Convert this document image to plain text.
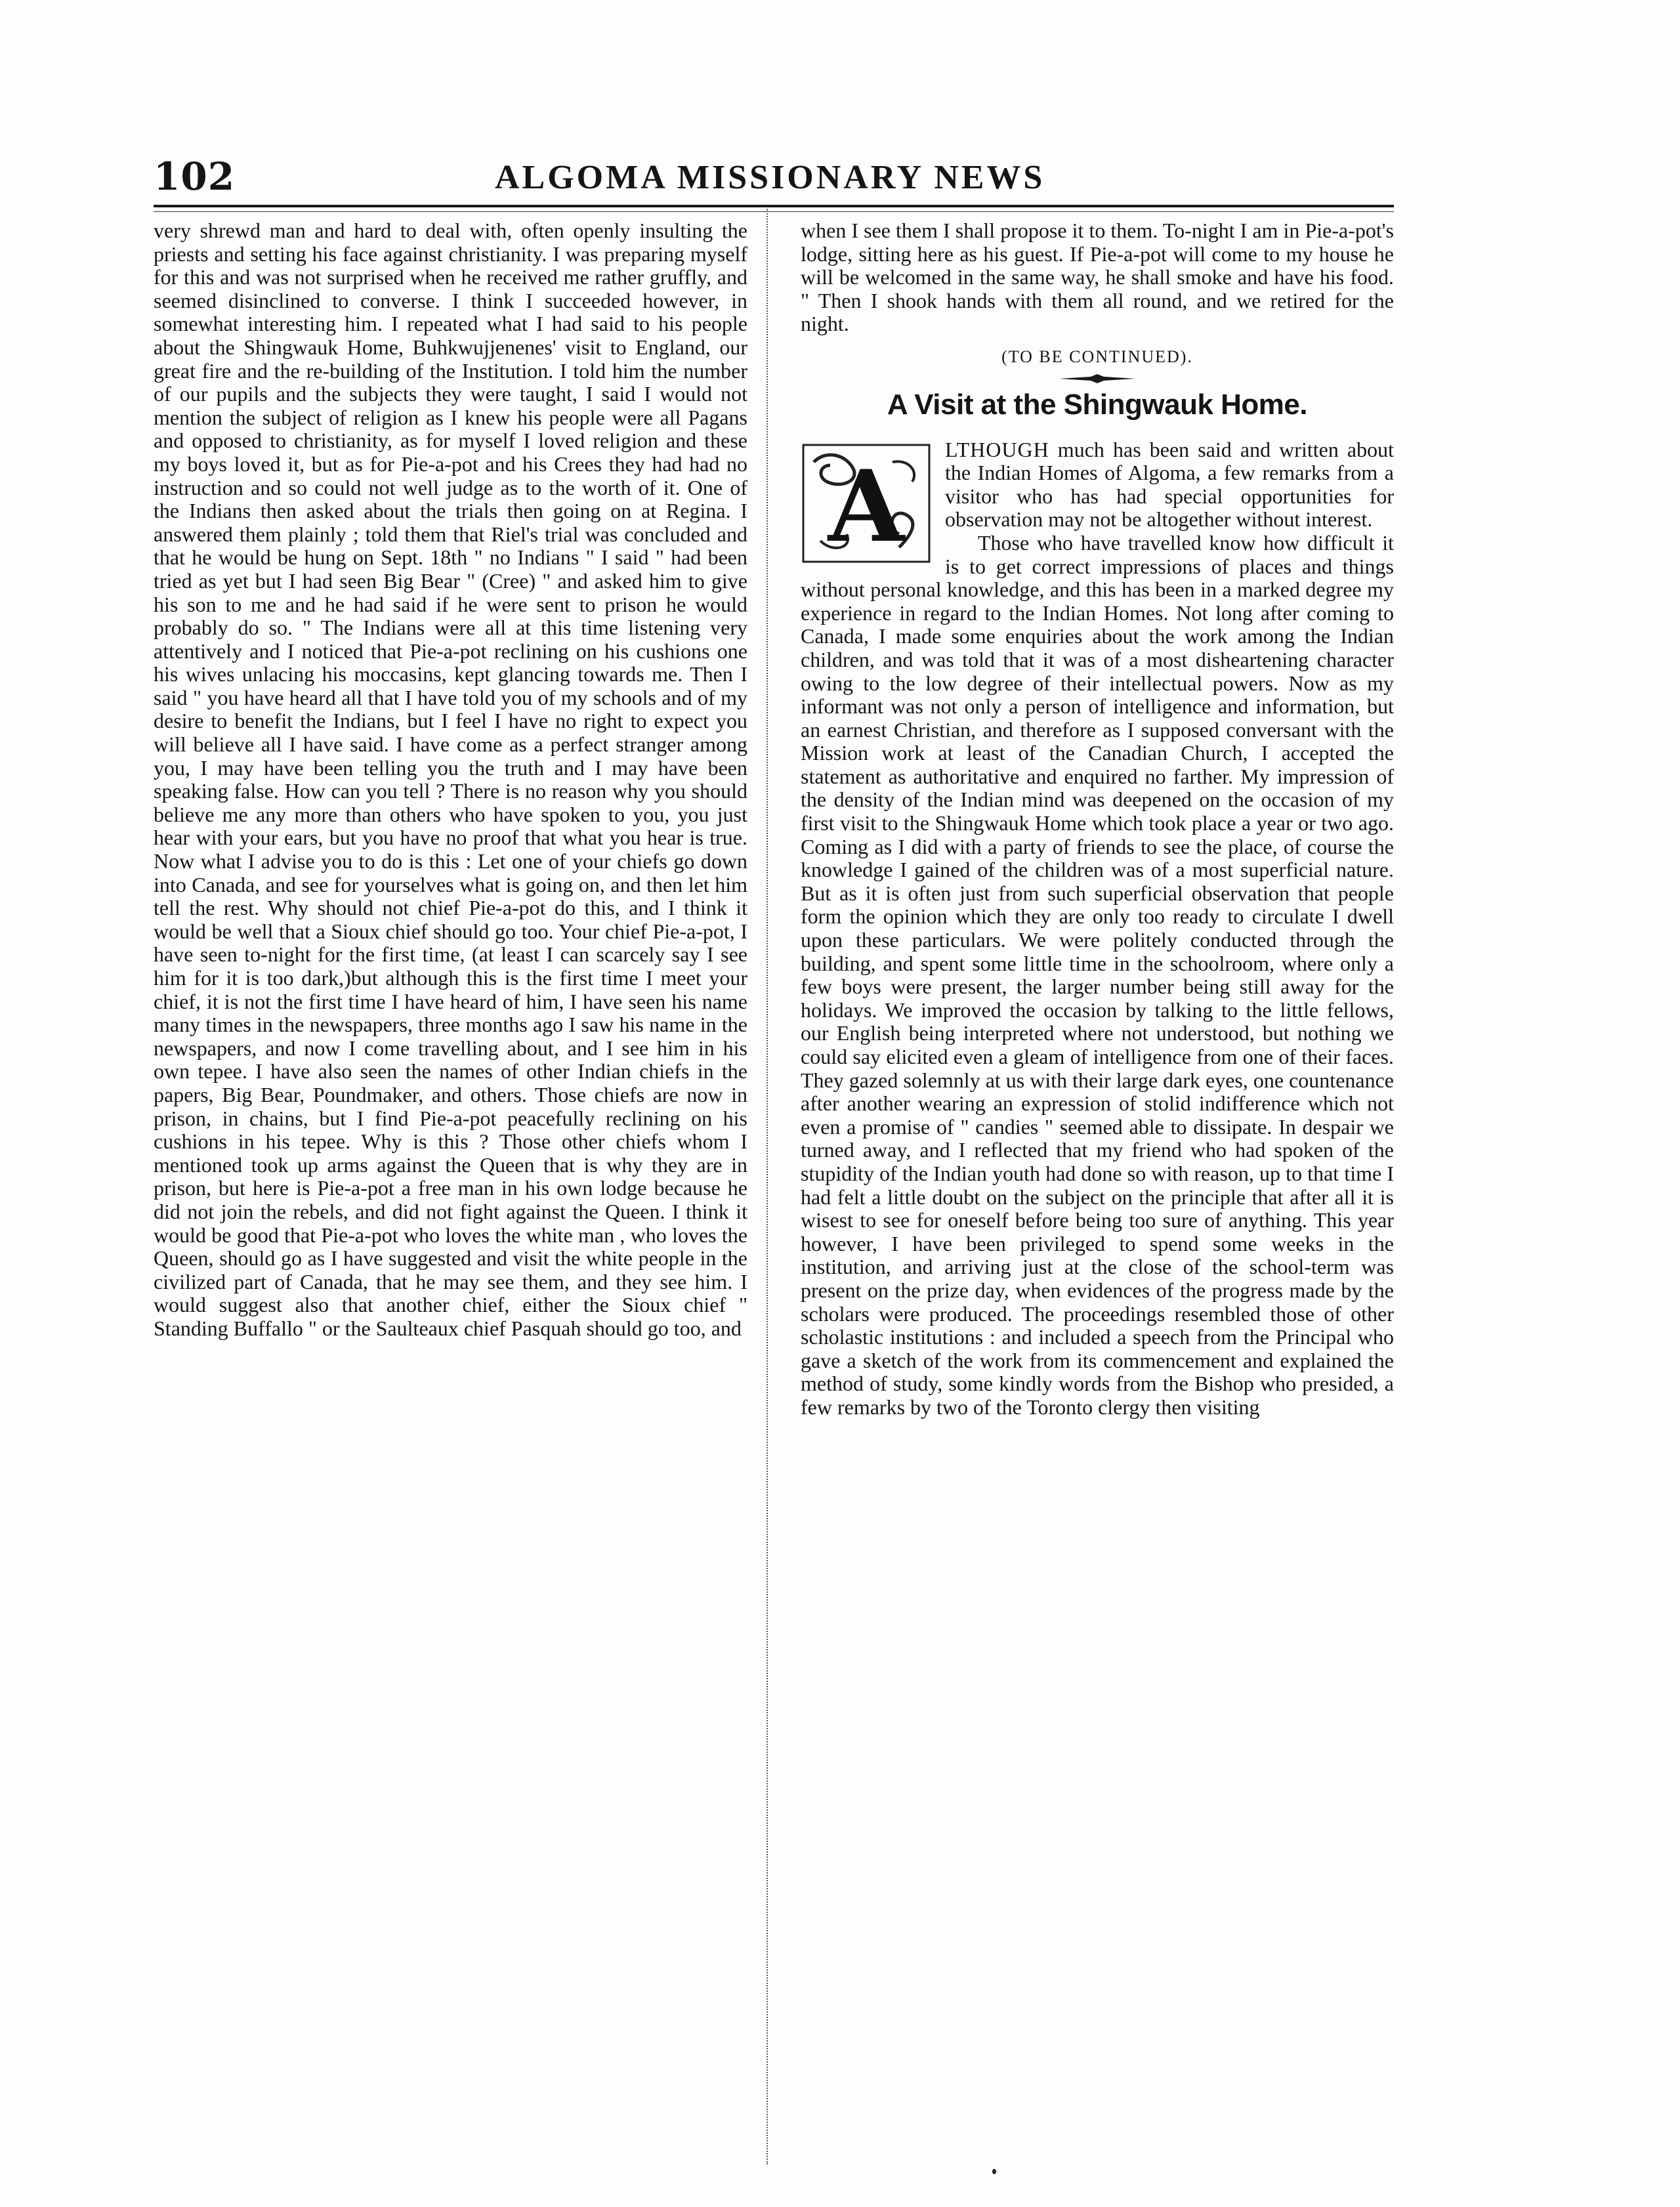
102	ALGOMA MISSIONARY NEWS

very shrewd man and hard to deal with, often openly insulting the priests and setting his face against christianity. I was preparing myself for this and was not surprised when he received me rather gruffly, and seemed disinclined to converse. I think I succeeded however, in somewhat interesting him. I repeated what I had said to his people about the Shingwauk Home, Buhkwujjenenes' visit to England, our great fire and the re-building of the Institution. I told him the number of our pupils and the subjects they were taught, I said I would not mention the subject of religion as I knew his people were all Pagans and opposed to christianity, as for myself I loved religion and these my boys loved it, but as for Pie-a-pot and his Crees they had had no instruction and so could not well judge as to the worth of it. One of the Indians then asked about the trials then going on at Regina. I answered them plainly ; told them that Riel's trial was concluded and that he would be hung on Sept. 18th " no Indians " I said " had been tried as yet but I had seen Big Bear " (Cree) " and asked him to give his son to me and he had said if he were sent to prison he would probably do so. " The Indians were all at this time listening very attentively and I noticed that Pie-a-pot reclining on his cushions one his wives unlacing his moccasins, kept glancing towards me. Then I said " you have heard all that I have told you of my schools and of my desire to benefit the Indians, but I feel I have no right to expect you will believe all I have said. I have come as a perfect stranger among you, I may have been telling you the truth and I may have been speaking false. How can you tell ? There is no reason why you should believe me any more than others who have spoken to you, you just hear with your ears, but you have no proof that what you hear is true. Now what I advise you to do is this : Let one of your chiefs go down into Canada, and see for yourselves what is going on, and then let him tell the rest. Why should not chief Pie-a-pot do this, and I think it would be well that a Sioux chief should go too. Your chief Pie-a-pot, I have seen to-night for the first time, (at least I can scarcely say I see him for it is too dark,)but although this is the first time I meet your chief, it is not the first time I have heard of him, I have seen his name many times in the newspapers, three months ago I saw his name in the newspapers, and now I come travelling about, and I see him in his own tepee. I have also seen the names of other Indian chiefs in the papers, Big Bear, Poundmaker, and others. Those chiefs are now in prison, in chains, but I find Pie-a-pot peacefully reclining on his cushions in his tepee. Why is this ? Those other chiefs whom I mentioned took up arms against the Queen that is why they are in prison, but here is Pie-a-pot a free man in his own lodge because he did not join the rebels, and did not fight against the Queen. I think it would be good that Pie-a-pot who loves the white man , who loves the Queen, should go as I have suggested and visit the white people in the civilized part of Canada, that he may see them, and they see him. I would suggest also that another chief, either the Sioux chief " Standing Buffallo " or the Saulteaux chief Pasquah should go too, and

when I see them I shall propose it to them. To-night I am in Pie-a-pot's lodge, sitting here as his guest. If Pie-a-pot will come to my house he will be welcomed in the same way, he shall smoke and have his food. " Then I shook hands with them all round, and we retired for the night.

(TO BE CONTINUED).
A Visit at the Shingwauk Home.
A	LTHOUGH much has been said and written about the Indian Homes of Algoma, a few remarks from a visitor who has had special opportunities for observation may not be altogether without interest.

Those who have travelled know how difficult it is to get correct impressions of places and things without personal knowledge, and this has been in a marked degree my experience in regard to the Indian Homes. Not long after coming to Canada, I made some enquiries about the work among the Indian children, and was told that it was of a most disheartening character owing to the low degree of their intellectual powers. Now as my informant was not only a person of intelligence and information, but an earnest Christian, and therefore as I supposed conversant with the Mission work at least of the Canadian Church, I accepted the statement as authoritative and enquired no farther. My impression of the density of the Indian mind was deepened on the occasion of my first visit to the Shingwauk Home which took place a year or two ago. Coming as I did with a party of friends to see the place, of course the knowledge I gained of the children was of a most superficial nature. But as it is often just from such superficial observation that people form the opinion which they are only too ready to circulate I dwell upon these particulars. We were politely conducted through the building, and spent some little time in the schoolroom, where only a few boys were present, the larger number being still away for the holidays. We improved the occasion by talking to the little fellows, our English being interpreted where not understood, but nothing we could say elicited even a gleam of intelligence from one of their faces. They gazed solemnly at us with their large dark eyes, one countenance after another wearing an expression of stolid indifference which not even a promise of " candies " seemed able to dissipate. In despair we turned away, and I reflected that my friend who had spoken of the stupidity of the Indian youth had done so with reason, up to that time I had felt a little doubt on the subject on the principle that after all it is wisest to see for oneself before being too sure of anything. This year however, I have been privileged to spend some weeks in the institution, and arriving just at the close of the school-term was present on the prize day, when evidences of the progress made by the scholars were produced. The proceedings resembled those of other scholastic institutions : and included a speech from the Principal who gave a sketch of the work from its commencement and explained the method of study, some kindly words from the Bishop who presided, a few remarks by two of the Toronto clergy then visiting
